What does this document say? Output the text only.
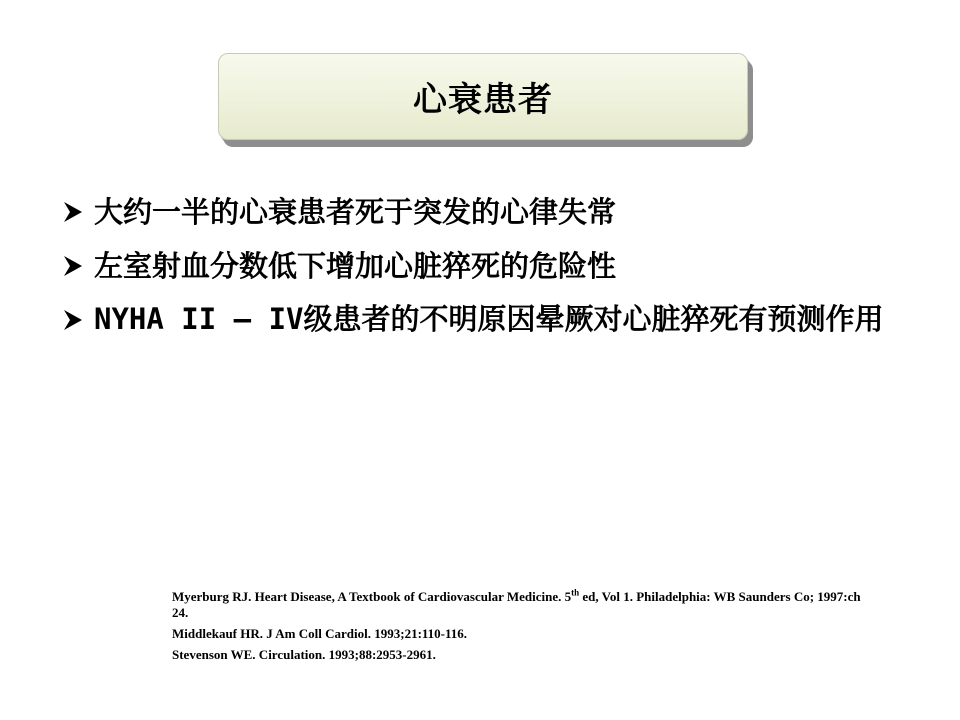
心衰患者
大约一半的心衰患者死于突发的心律失常
左室射血分数低下增加心脏猝死的危险性
NYHA II – IV级患者的不明原因晕厥对心脏猝死有预测作用
Myerburg RJ. Heart Disease, A Textbook of Cardiovascular Medicine. 5th ed, Vol 1. Philadelphia: WB Saunders Co; 1997:ch 24.
Middlekauf HR. J Am Coll Cardiol. 1993;21:110-116.
Stevenson WE. Circulation. 1993;88:2953-2961.
